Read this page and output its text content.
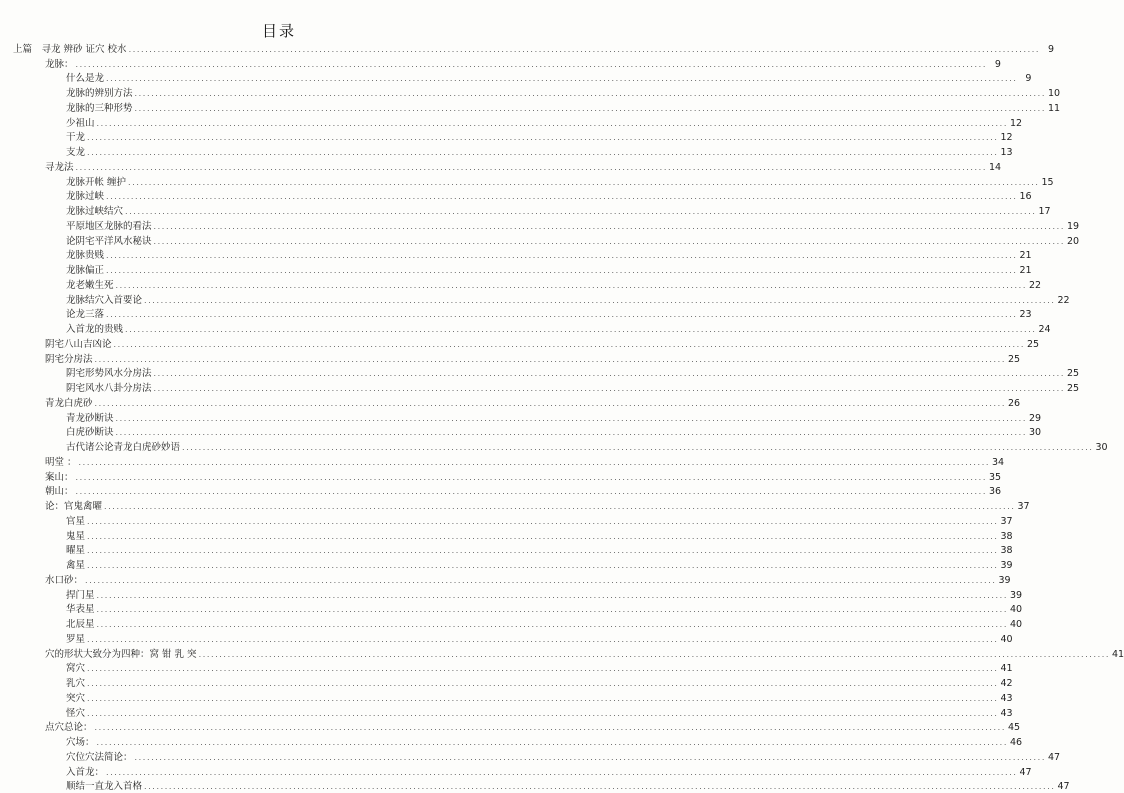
目录
上篇　寻龙 辨砂 证穴 校水 ............................................................................................................................................................................................................................ 9
龙脉： ............................................................................................................................................................................................................................ 9
什么是龙 ............................................................................................................................................................................................................................ 9
龙脉的辨别方法 ............................................................................................................................................................................................................................ 10
龙脉的三种形势 ............................................................................................................................................................................................................................ 11
少祖山 ............................................................................................................................................................................................................................ 12
干龙 ............................................................................................................................................................................................................................ 12
支龙 ............................................................................................................................................................................................................................ 13
寻龙法 ............................................................................................................................................................................................................................ 14
龙脉开帐 缠护 ............................................................................................................................................................................................................................ 15
龙脉过峡 ............................................................................................................................................................................................................................ 16
龙脉过峡结穴 ............................................................................................................................................................................................................................ 17
平原地区龙脉的看法 ............................................................................................................................................................................................................................ 19
论阴宅平洋风水秘诀 ............................................................................................................................................................................................................................ 20
龙脉贵贱 ............................................................................................................................................................................................................................ 21
龙脉偏正 ............................................................................................................................................................................................................................ 21
龙老嫩生死 ............................................................................................................................................................................................................................ 22
龙脉结穴入首要论 ............................................................................................................................................................................................................................ 22
论龙三落 ............................................................................................................................................................................................................................ 23
入首龙的贵贱 ............................................................................................................................................................................................................................ 24
阴宅八山吉凶论 ............................................................................................................................................................................................................................ 25
阴宅分房法 ............................................................................................................................................................................................................................ 25
阴宅形势风水分房法 ............................................................................................................................................................................................................................ 25
阴宅风水八卦分房法 ............................................................................................................................................................................................................................ 25
青龙白虎砂 ............................................................................................................................................................................................................................ 26
青龙砂断诀 ............................................................................................................................................................................................................................ 29
白虎砂断诀 ............................................................................................................................................................................................................................ 30
古代诸公论青龙白虎砂妙语 ............................................................................................................................................................................................................................ 30
明堂 ： ............................................................................................................................................................................................................................ 34
案山： ............................................................................................................................................................................................................................ 35
朝山： ............................................................................................................................................................................................................................ 36
论：官鬼禽曜 ............................................................................................................................................................................................................................ 37
官星 ............................................................................................................................................................................................................................ 37
鬼星 ............................................................................................................................................................................................................................ 38
曜星 ............................................................................................................................................................................................................................ 38
禽星 ............................................................................................................................................................................................................................ 39
水口砂： ............................................................................................................................................................................................................................ 39
捍门星 ............................................................................................................................................................................................................................ 39
华表星 ............................................................................................................................................................................................................................ 40
北辰星 ............................................................................................................................................................................................................................ 40
罗星 ............................................................................................................................................................................................................................ 40
穴的形状大致分为四种：窝 钳 乳 突 ............................................................................................................................................................................................................................ 41
窝穴 ............................................................................................................................................................................................................................ 41
乳穴 ............................................................................................................................................................................................................................ 42
突穴 ............................................................................................................................................................................................................................ 43
怪穴 ............................................................................................................................................................................................................................ 43
点穴总论： ............................................................................................................................................................................................................................ 45
穴场： ............................................................................................................................................................................................................................ 46
穴位穴法简论： ............................................................................................................................................................................................................................ 47
入首龙： ............................................................................................................................................................................................................................ 47
顺结一直龙入首格 ............................................................................................................................................................................................................................ 47
